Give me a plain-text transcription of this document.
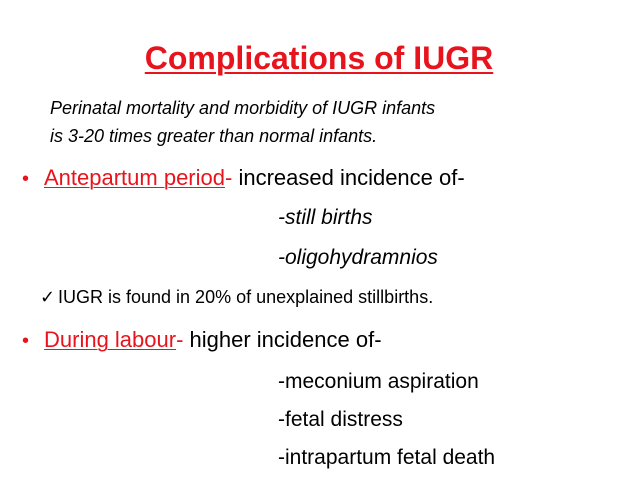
Complications of IUGR
Perinatal mortality and morbidity of IUGR infants
is 3-20 times greater than normal infants.
• Antepartum period- increased incidence of-
-still births
-oligohydramnios
✓ IUGR is found in 20% of unexplained stillbirths.
• During labour- higher incidence of-
-meconium aspiration
-fetal distress
-intrapartum fetal death
